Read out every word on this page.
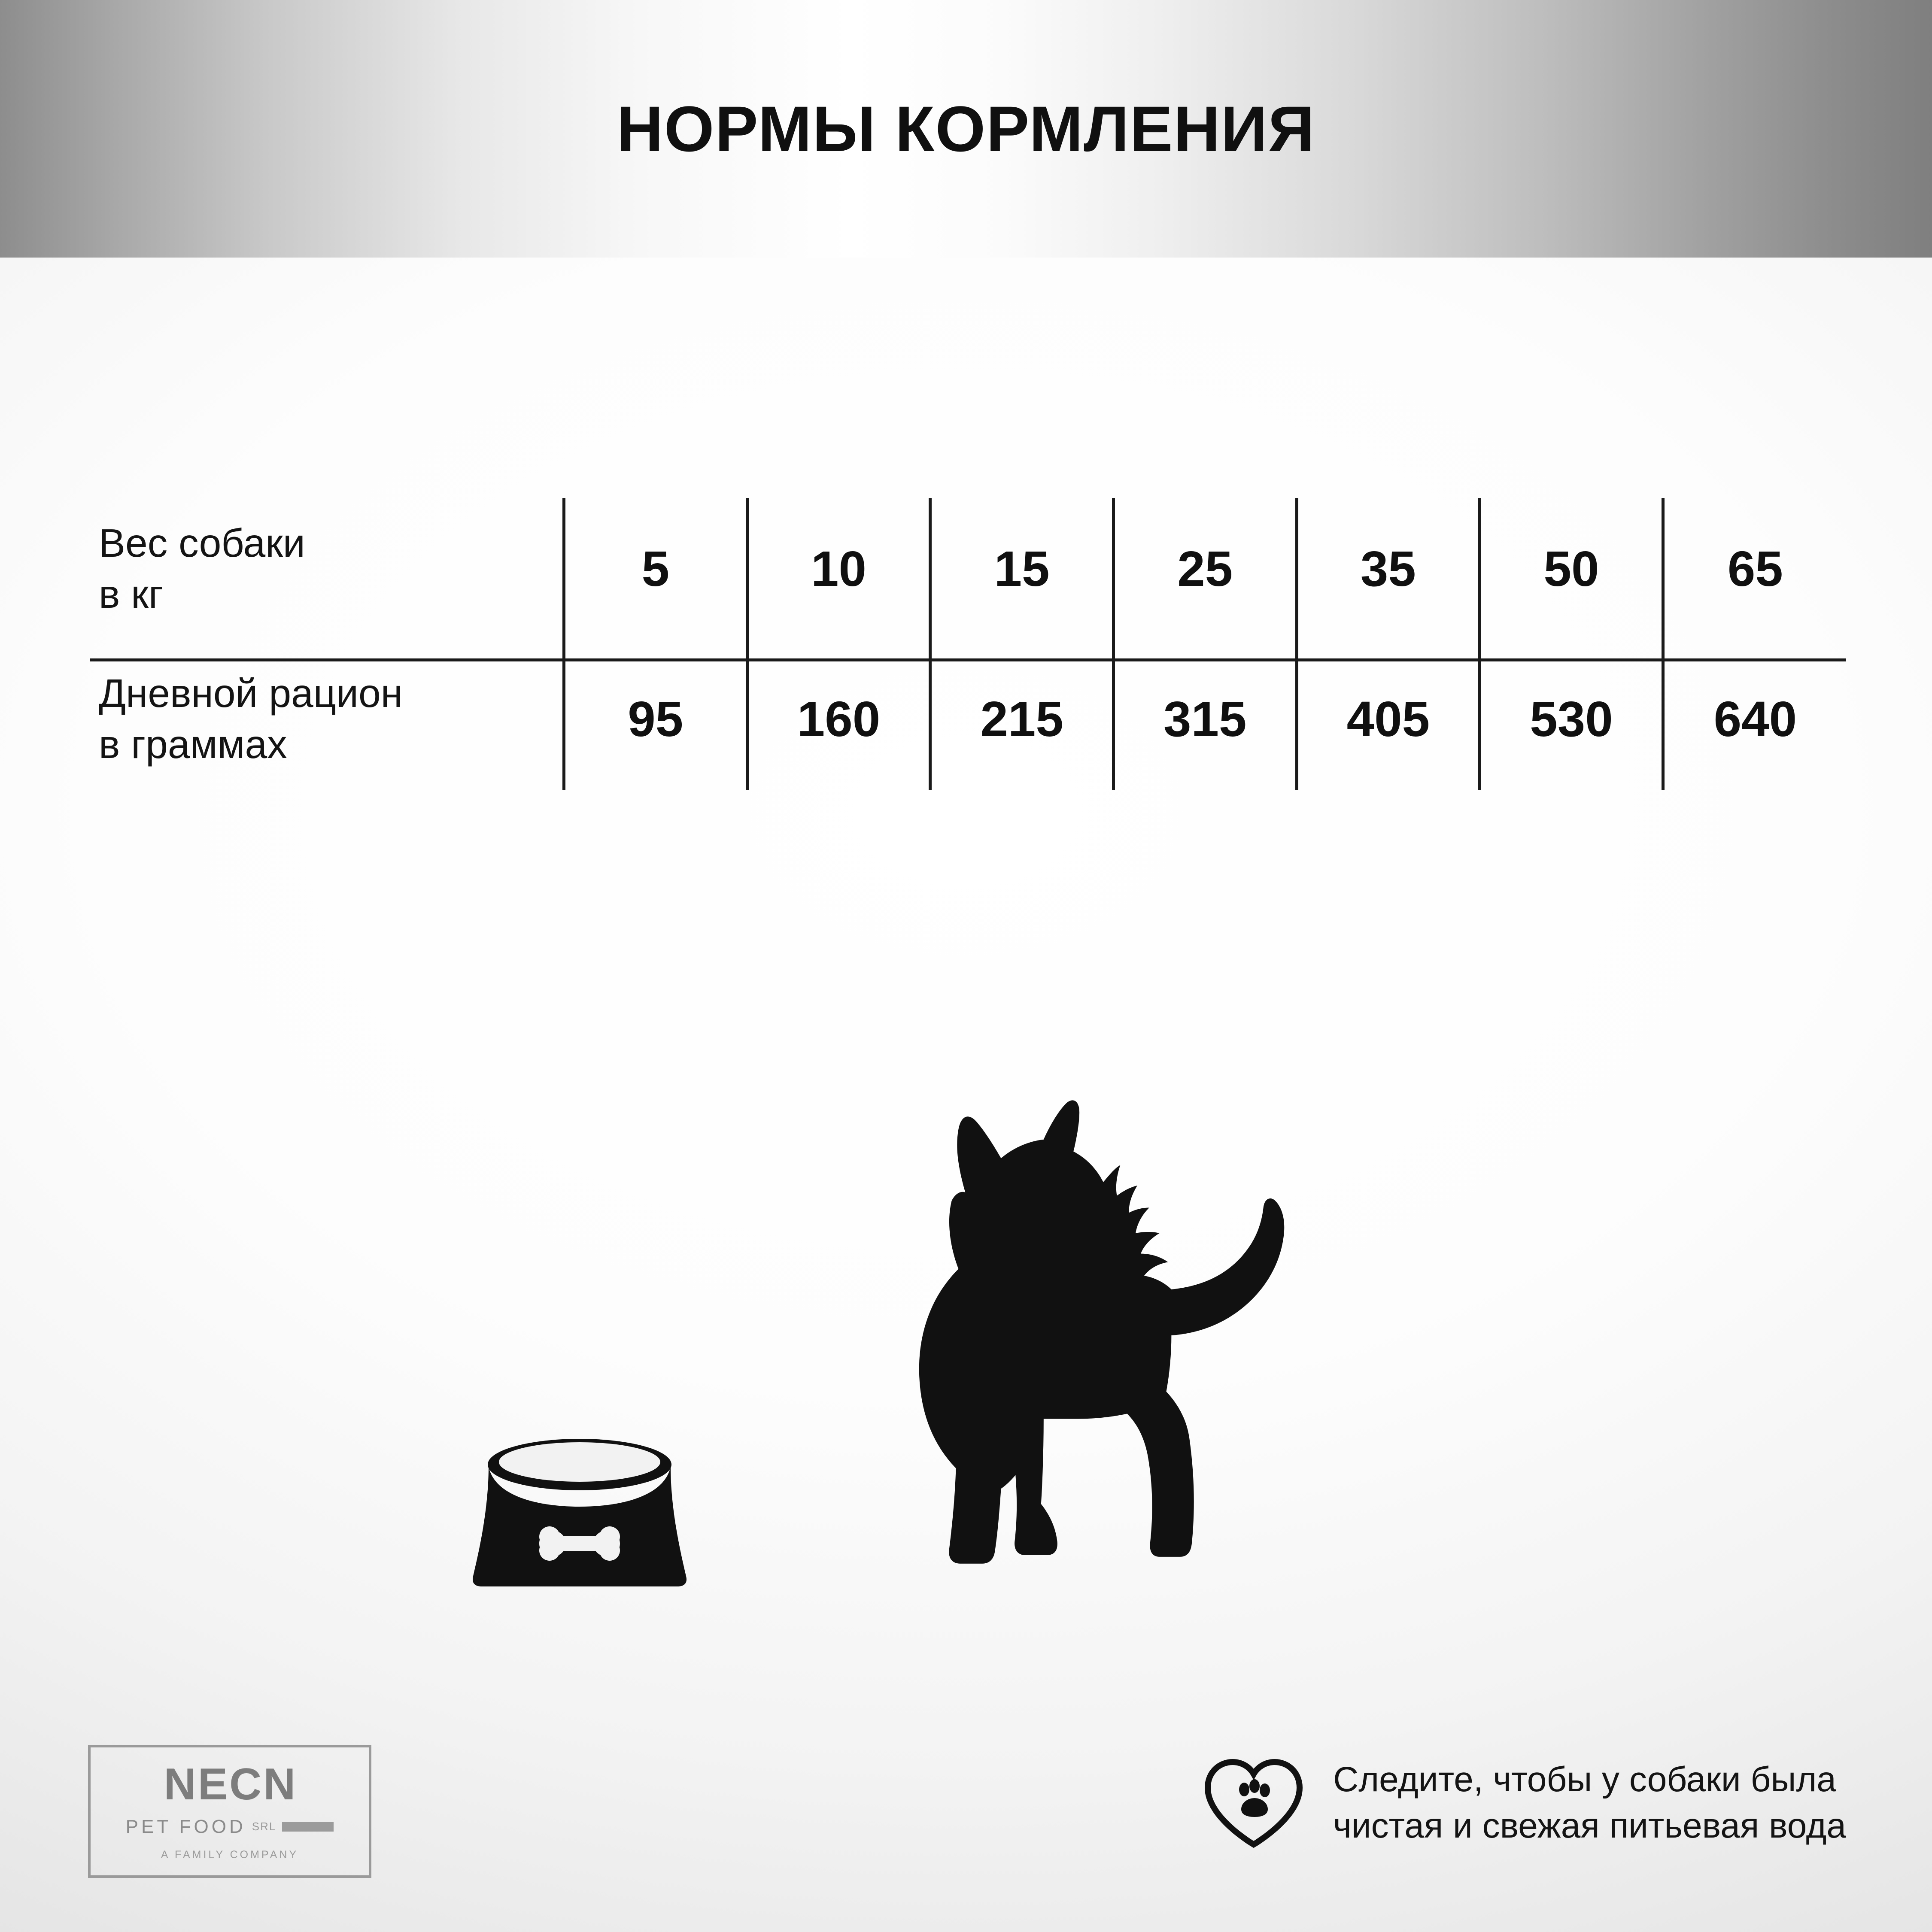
НОРМЫ КОРМЛЕНИЯ
Вес собаки
в кг	5	10	15	25	35	50	65

Дневной рацион
в граммах	95	160	215	315	405	530	640
NECN
PET FOOD SRL
A FAMILY COMPANY
Следите, чтобы у собаки была
чистая и свежая питьевая вода
